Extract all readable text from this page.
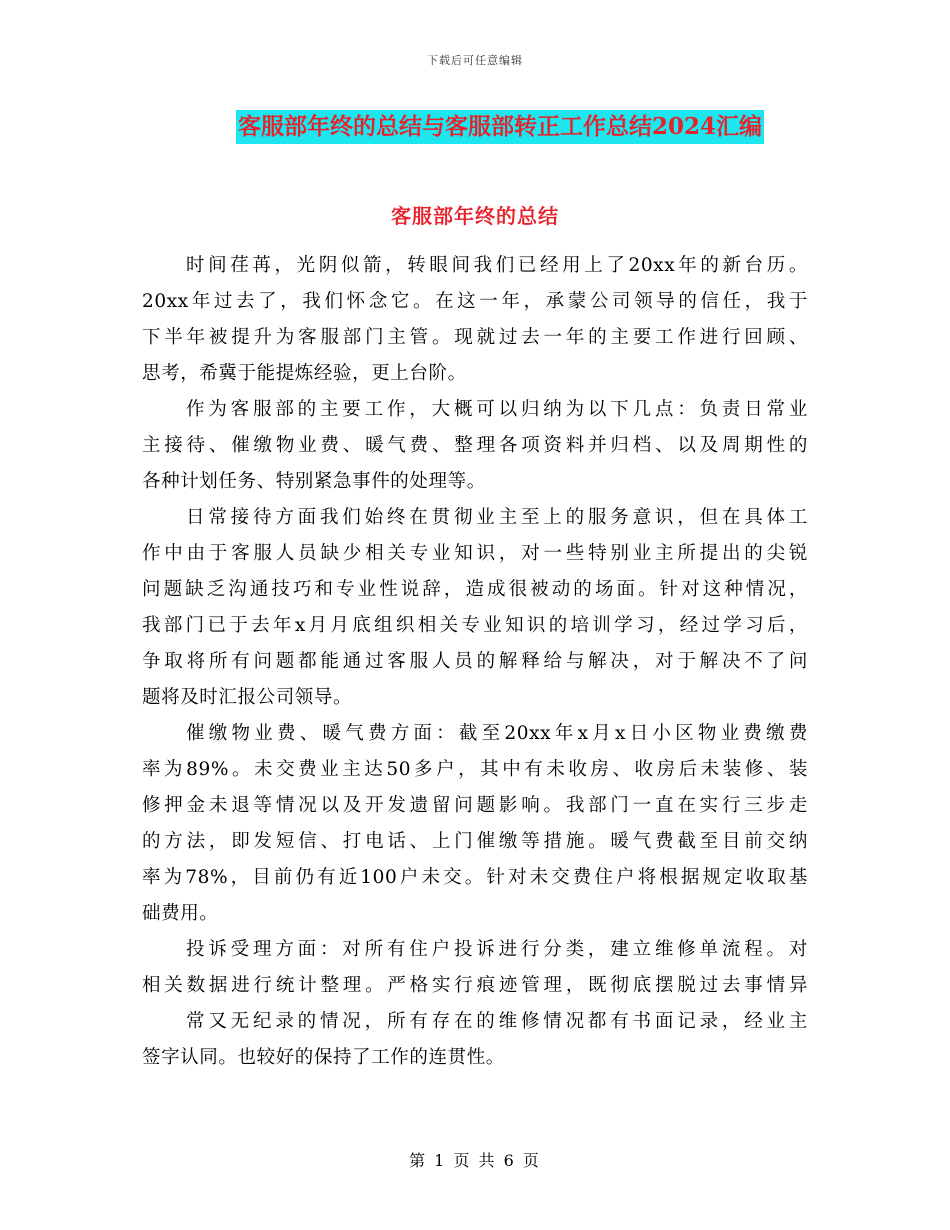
下载后可任意编辑
客服部年终的总结与客服部转正工作总结2024汇编
客服部年终的总结
时间荏苒，光阴似箭，转眼间我们已经用上了20xx年的新台历。
20xx年过去了，我们怀念它。在这一年，承蒙公司领导的信任，我于
下半年被提升为客服部门主管。现就过去一年的主要工作进行回顾、
思考，希冀于能提炼经验，更上台阶。
作为客服部的主要工作，大概可以归纳为以下几点：负责日常业
主接待、催缴物业费、暖气费、整理各项资料并归档、以及周期性的
各种计划任务、特别紧急事件的处理等。
日常接待方面我们始终在贯彻业主至上的服务意识，但在具体工
作中由于客服人员缺少相关专业知识，对一些特别业主所提出的尖锐
问题缺乏沟通技巧和专业性说辞，造成很被动的场面。针对这种情况，
我部门已于去年x月月底组织相关专业知识的培训学习，经过学习后，
争取将所有问题都能通过客服人员的解释给与解决，对于解决不了问
题将及时汇报公司领导。
催缴物业费、暖气费方面：截至20xx年x月x日小区物业费缴费
率为89%。未交费业主达50多户，其中有未收房、收房后未装修、装
修押金未退等情况以及开发遗留问题影响。我部门一直在实行三步走
的方法，即发短信、打电话、上门催缴等措施。暖气费截至目前交纳
率为78%，目前仍有近100户未交。针对未交费住户将根据规定收取基
础费用。
投诉受理方面：对所有住户投诉进行分类，建立维修单流程。对
相关数据进行统计整理。严格实行痕迹管理，既彻底摆脱过去事情异
常又无纪录的情况，所有存在的维修情况都有书面记录，经业主
签字认同。也较好的保持了工作的连贯性。
第 1 页 共 6 页
